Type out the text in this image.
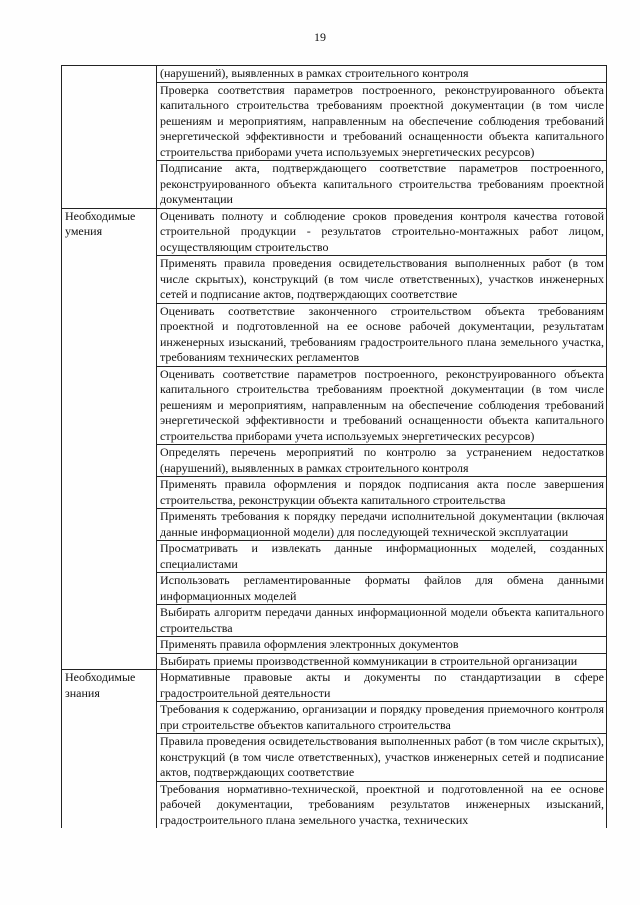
19
	(нарушений), выявленных в рамках строительного контроля
	Проверка соответствия параметров построенного, реконструированного объекта капитального строительства требованиям проектной документации (в том числе решениям и мероприятиям, направленным на обеспечение соблюдения требований энергетической эффективности и требований оснащенности объекта капитального строительства приборами учета используемых энергетических ресурсов)
	Подписание акта, подтверждающего соответствие параметров построенного, реконструированного объекта капитального строительства требованиям проектной документации
Необходимые умения	Оценивать полноту и соблюдение сроков проведения контроля качества готовой строительной продукции - результатов строительно-монтажных работ лицом, осуществляющим строительство
	Применять правила проведения освидетельствования выполненных работ (в том числе скрытых), конструкций (в том числе ответственных), участков инженерных сетей и подписание актов, подтверждающих соответствие
	Оценивать соответствие законченного строительством объекта требованиям проектной и подготовленной на ее основе рабочей документации, результатам инженерных изысканий, требованиям градостроительного плана земельного участка, требованиям технических регламентов
	Оценивать соответствие параметров построенного, реконструированного объекта капитального строительства требованиям проектной документации (в том числе решениям и мероприятиям, направленным на обеспечение соблюдения требований энергетической эффективности и требований оснащенности объекта капитального строительства приборами учета используемых энергетических ресурсов)
	Определять перечень мероприятий по контролю за устранением недостатков (нарушений), выявленных в рамках строительного контроля
	Применять правила оформления и порядок подписания акта после завершения строительства, реконструкции объекта капитального строительства
	Применять требования к порядку передачи исполнительной документации (включая данные информационной модели) для последующей технической эксплуатации
	Просматривать и извлекать данные информационных моделей, созданных специалистами
	Использовать регламентированные форматы файлов для обмена данными информационных моделей
	Выбирать алгоритм передачи данных информационной модели объекта капитального строительства
	Применять правила оформления электронных документов
	Выбирать приемы производственной коммуникации в строительной организации
Необходимые знания	Нормативные правовые акты и документы по стандартизации в сфере градостроительной деятельности
	Требования к содержанию, организации и порядку проведения приемочного контроля при строительстве объектов капитального строительства
	Правила проведения освидетельствования выполненных работ (в том числе скрытых), конструкций (в том числе ответственных), участков инженерных сетей и подписание актов, подтверждающих соответствие
	Требования нормативно-технической, проектной и подготовленной на ее основе рабочей документации, требованиям результатов инженерных изысканий, градостроительного плана земельного участка, технических
